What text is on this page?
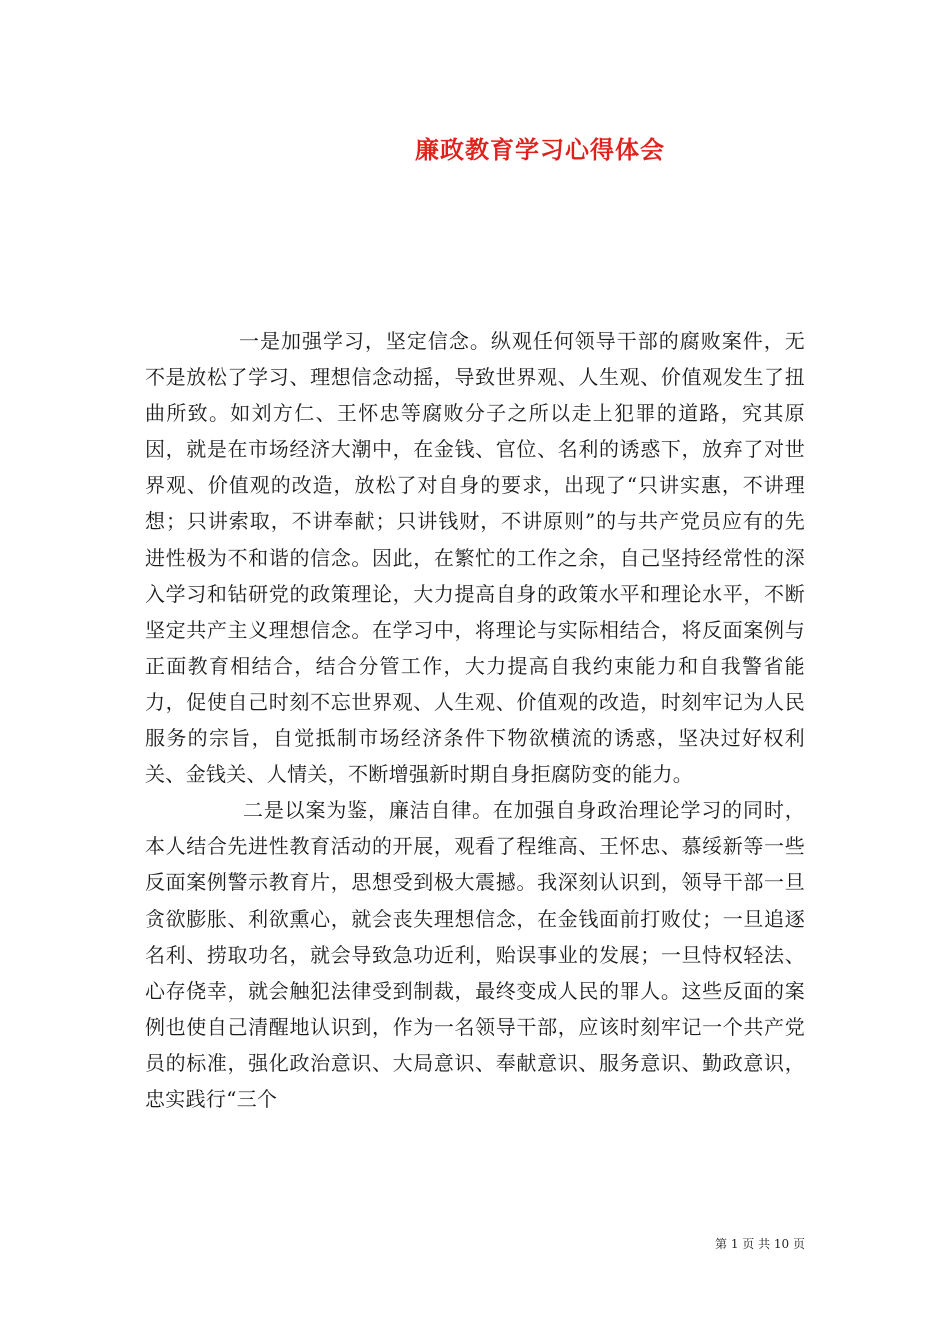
廉政教育学习心得体会

一是加强学习，坚定信念。纵观任何领导干部的腐败案件，无不是放松了学习、理想信念动摇，导致世界观、人生观、价值观发生了扭曲所致。如刘方仁、王怀忠等腐败分子之所以走上犯罪的道路，究其原因，就是在市场经济大潮中，在金钱、官位、名利的诱惑下，放弃了对世界观、价值观的改造，放松了对自身的要求，出现了“只讲实惠，不讲理想；只讲索取，不讲奉献；只讲钱财，不讲原则”的与共产党员应有的先进性极为不和谐的信念。因此，在繁忙的工作之余，自己坚持经常性的深入学习和钻研党的政策理论，大力提高自身的政策水平和理论水平，不断坚定共产主义理想信念。在学习中，将理论与实际相结合，将反面案例与正面教育相结合，结合分管工作，大力提高自我约束能力和自我警省能力，促使自己时刻不忘世界观、人生观、价值观的改造，时刻牢记为人民服务的宗旨，自觉抵制市场经济条件下物欲横流的诱惑，坚决过好权利关、金钱关、人情关，不断增强新时期自身拒腐防变的能力。

二是以案为鉴，廉洁自律。在加强自身政治理论学习的同时，本人结合先进性教育活动的开展，观看了程维高、王怀忠、慕绥新等一些反面案例警示教育片，思想受到极大震撼。我深刻认识到，领导干部一旦贪欲膨胀、利欲熏心，就会丧失理想信念，在金钱面前打败仗；一旦追逐名利、捞取功名，就会导致急功近利，贻误事业的发展；一旦恃权轻法、心存侥幸，就会触犯法律受到制裁，最终变成人民的罪人。这些反面的案例也使自己清醒地认识到，作为一名领导干部，应该时刻牢记一个共产党员的标准，强化政治意识、大局意识、奉献意识、服务意识、勤政意识，忠实践行“三个

第 1 页 共 10 页
